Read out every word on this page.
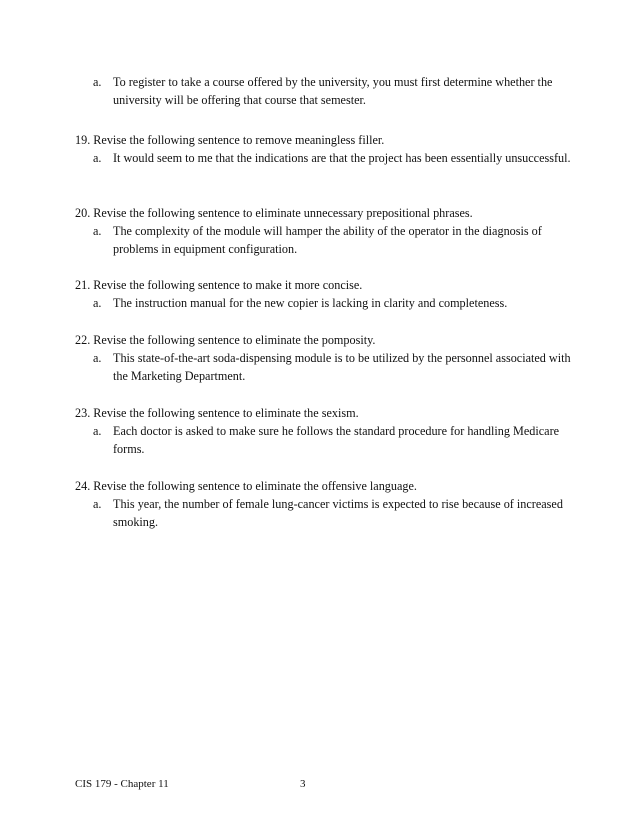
a. To register to take a course offered by the university, you must first determine whether the university will be offering that course that semester.
19. Revise the following sentence to remove meaningless filler.
a. It would seem to me that the indications are that the project has been essentially unsuccessful.
20. Revise the following sentence to eliminate unnecessary prepositional phrases.
a. The complexity of the module will hamper the ability of the operator in the diagnosis of problems in equipment configuration.
21. Revise the following sentence to make it more concise.
a. The instruction manual for the new copier is lacking in clarity and completeness.
22. Revise the following sentence to eliminate the pomposity.
a. This state-of-the-art soda-dispensing module is to be utilized by the personnel associated with the Marketing Department.
23. Revise the following sentence to eliminate the sexism.
a. Each doctor is asked to make sure he follows the standard procedure for handling Medicare forms.
24. Revise the following sentence to eliminate the offensive language.
a. This year, the number of female lung-cancer victims is expected to rise because of increased smoking.
CIS 179 - Chapter 11	3
